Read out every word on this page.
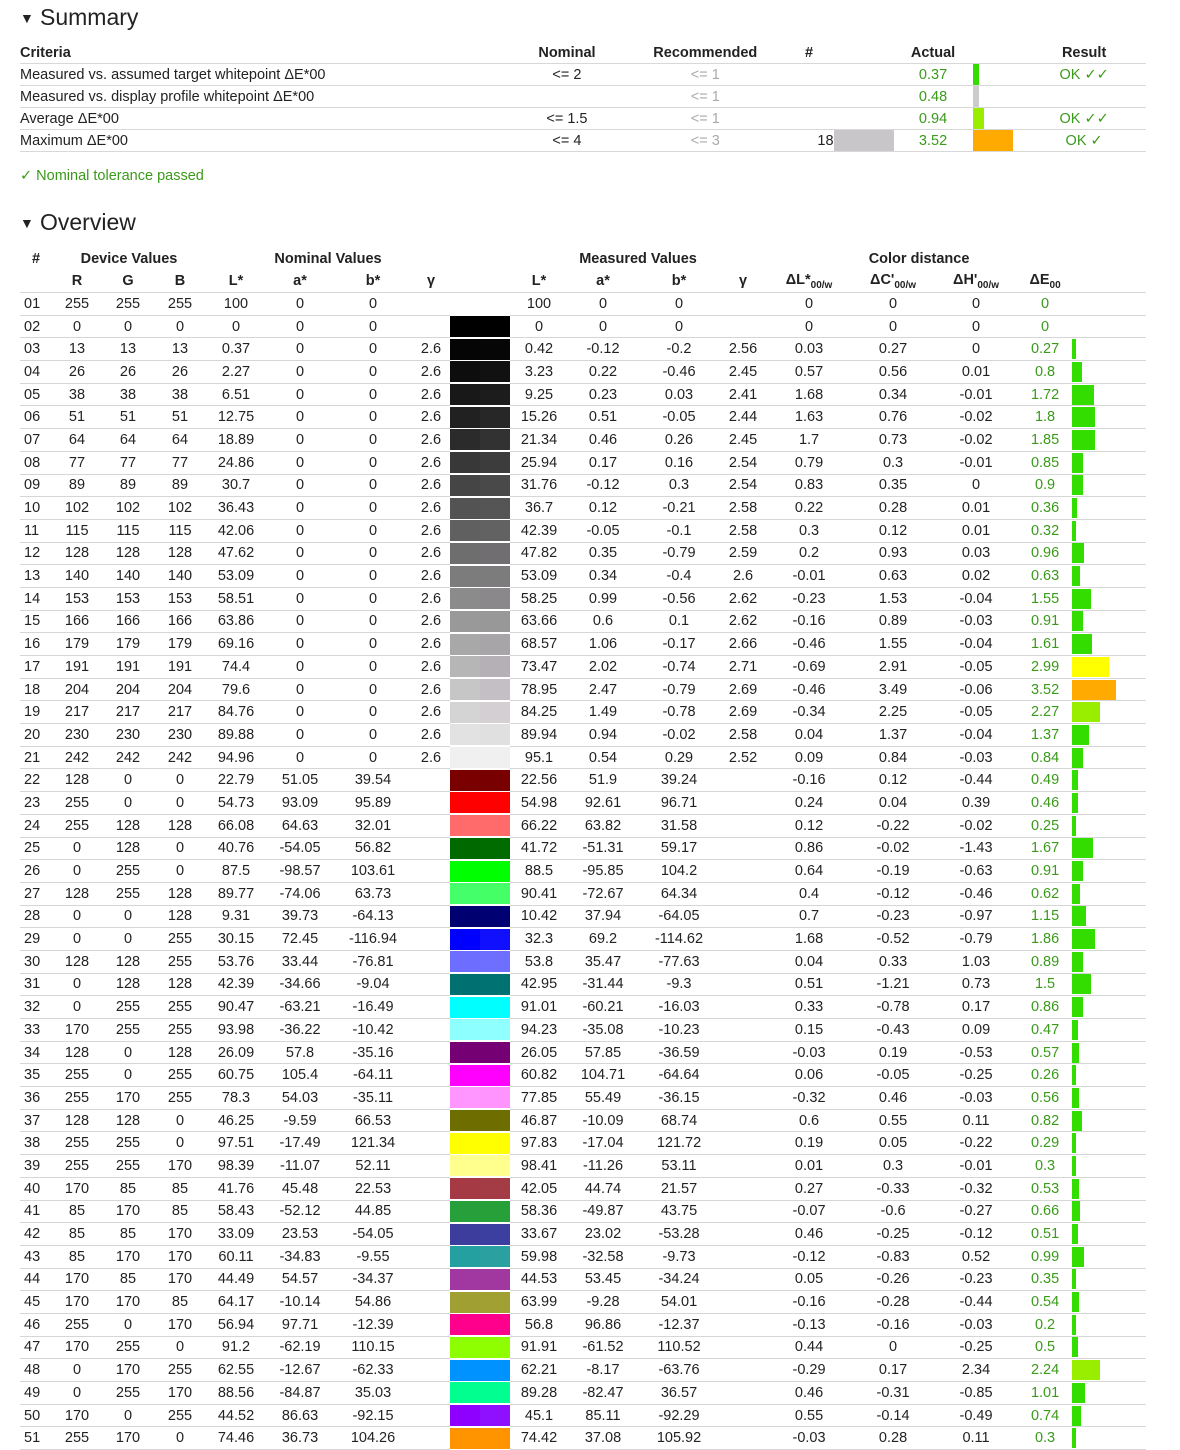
▼ Summary
Criteria	Nominal	Recommended	#		Actual		Result
Measured vs. assumed target whitepoint ΔE*00	<= 2	<= 1			0.37		OK ✓✓
Measured vs. display profile whitepoint ΔE*00		<= 1			0.48		
Average ΔE*00	<= 1.5	<= 1			0.94		OK ✓✓
Maximum ΔE*00	<= 4	<= 3	18		3.52		OK ✓
✓ Nominal tolerance passed
▼ Overview
#	Device Values			Nominal Values					Measured Values				Color distance				
	R	G	B	L*	a*	b*	γ		L*	a*	b*	γ	$\Delta L*_{00/w}$	$\Delta C'_{00/w}$	$\Delta H'_{00/w}$	$\Delta E_{00}$	
01	255	255	255	100	0	0			100	0	0		0	0	0	0	
02	0	0	0	0	0	0			0	0	0		0	0	0	0	
03	13	13	13	0.37	0	0	2.6		0.42	-0.12	-0.2	2.56	0.03	0.27	0	0.27	
04	26	26	26	2.27	0	0	2.6		3.23	0.22	-0.46	2.45	0.57	0.56	0.01	0.8	
05	38	38	38	6.51	0	0	2.6		9.25	0.23	0.03	2.41	1.68	0.34	-0.01	1.72	
06	51	51	51	12.75	0	0	2.6		15.26	0.51	-0.05	2.44	1.63	0.76	-0.02	1.8	
07	64	64	64	18.89	0	0	2.6		21.34	0.46	0.26	2.45	1.7	0.73	-0.02	1.85	
08	77	77	77	24.86	0	0	2.6		25.94	0.17	0.16	2.54	0.79	0.3	-0.01	0.85	
09	89	89	89	30.7	0	0	2.6		31.76	-0.12	0.3	2.54	0.83	0.35	0	0.9	
10	102	102	102	36.43	0	0	2.6		36.7	0.12	-0.21	2.58	0.22	0.28	0.01	0.36	
11	115	115	115	42.06	0	0	2.6		42.39	-0.05	-0.1	2.58	0.3	0.12	0.01	0.32	
12	128	128	128	47.62	0	0	2.6		47.82	0.35	-0.79	2.59	0.2	0.93	0.03	0.96	
13	140	140	140	53.09	0	0	2.6		53.09	0.34	-0.4	2.6	-0.01	0.63	0.02	0.63	
14	153	153	153	58.51	0	0	2.6		58.25	0.99	-0.56	2.62	-0.23	1.53	-0.04	1.55	
15	166	166	166	63.86	0	0	2.6		63.66	0.6	0.1	2.62	-0.16	0.89	-0.03	0.91	
16	179	179	179	69.16	0	0	2.6		68.57	1.06	-0.17	2.66	-0.46	1.55	-0.04	1.61	
17	191	191	191	74.4	0	0	2.6		73.47	2.02	-0.74	2.71	-0.69	2.91	-0.05	2.99	
18	204	204	204	79.6	0	0	2.6		78.95	2.47	-0.79	2.69	-0.46	3.49	-0.06	3.52	
19	217	217	217	84.76	0	0	2.6		84.25	1.49	-0.78	2.69	-0.34	2.25	-0.05	2.27	
20	230	230	230	89.88	0	0	2.6		89.94	0.94	-0.02	2.58	0.04	1.37	-0.04	1.37	
21	242	242	242	94.96	0	0	2.6		95.1	0.54	0.29	2.52	0.09	0.84	-0.03	0.84	
22	128	0	0	22.79	51.05	39.54			22.56	51.9	39.24		-0.16	0.12	-0.44	0.49	
23	255	0	0	54.73	93.09	95.89			54.98	92.61	96.71		0.24	0.04	0.39	0.46	
24	255	128	128	66.08	64.63	32.01			66.22	63.82	31.58		0.12	-0.22	-0.02	0.25	
25	0	128	0	40.76	-54.05	56.82			41.72	-51.31	59.17		0.86	-0.02	-1.43	1.67	
26	0	255	0	87.5	-98.57	103.61			88.5	-95.85	104.2		0.64	-0.19	-0.63	0.91	
27	128	255	128	89.77	-74.06	63.73			90.41	-72.67	64.34		0.4	-0.12	-0.46	0.62	
28	0	0	128	9.31	39.73	-64.13			10.42	37.94	-64.05		0.7	-0.23	-0.97	1.15	
29	0	0	255	30.15	72.45	-116.94			32.3	69.2	-114.62		1.68	-0.52	-0.79	1.86	
30	128	128	255	53.76	33.44	-76.81			53.8	35.47	-77.63		0.04	0.33	1.03	0.89	
31	0	128	128	42.39	-34.66	-9.04			42.95	-31.44	-9.3		0.51	-1.21	0.73	1.5	
32	0	255	255	90.47	-63.21	-16.49			91.01	-60.21	-16.03		0.33	-0.78	0.17	0.86	
33	170	255	255	93.98	-36.22	-10.42			94.23	-35.08	-10.23		0.15	-0.43	0.09	0.47	
34	128	0	128	26.09	57.8	-35.16			26.05	57.85	-36.59		-0.03	0.19	-0.53	0.57	
35	255	0	255	60.75	105.4	-64.11			60.82	104.71	-64.64		0.06	-0.05	-0.25	0.26	
36	255	170	255	78.3	54.03	-35.11			77.85	55.49	-36.15		-0.32	0.46	-0.03	0.56	
37	128	128	0	46.25	-9.59	66.53			46.87	-10.09	68.74		0.6	0.55	0.11	0.82	
38	255	255	0	97.51	-17.49	121.34			97.83	-17.04	121.72		0.19	0.05	-0.22	0.29	
39	255	255	170	98.39	-11.07	52.11			98.41	-11.26	53.11		0.01	0.3	-0.01	0.3	
40	170	85	85	41.76	45.48	22.53			42.05	44.74	21.57		0.27	-0.33	-0.32	0.53	
41	85	170	85	58.43	-52.12	44.85			58.36	-49.87	43.75		-0.07	-0.6	-0.27	0.66	
42	85	85	170	33.09	23.53	-54.05			33.67	23.02	-53.28		0.46	-0.25	-0.12	0.51	
43	85	170	170	60.11	-34.83	-9.55			59.98	-32.58	-9.73		-0.12	-0.83	0.52	0.99	
44	170	85	170	44.49	54.57	-34.37			44.53	53.45	-34.24		0.05	-0.26	-0.23	0.35	
45	170	170	85	64.17	-10.14	54.86			63.99	-9.28	54.01		-0.16	-0.28	-0.44	0.54	
46	255	0	170	56.94	97.71	-12.39			56.8	96.86	-12.37		-0.13	-0.16	-0.03	0.2	
47	170	255	0	91.2	-62.19	110.15			91.91	-61.52	110.52		0.44	0	-0.25	0.5	
48	0	170	255	62.55	-12.67	-62.33			62.21	-8.17	-63.76		-0.29	0.17	2.34	2.24	
49	0	255	170	88.56	-84.87	35.03			89.28	-82.47	36.57		0.46	-0.31	-0.85	1.01	
50	170	0	255	44.52	86.63	-92.15			45.1	85.11	-92.29		0.55	-0.14	-0.49	0.74	
51	255	170	0	74.46	36.73	104.26			74.42	37.08	105.92		-0.03	0.28	0.11	0.3	
